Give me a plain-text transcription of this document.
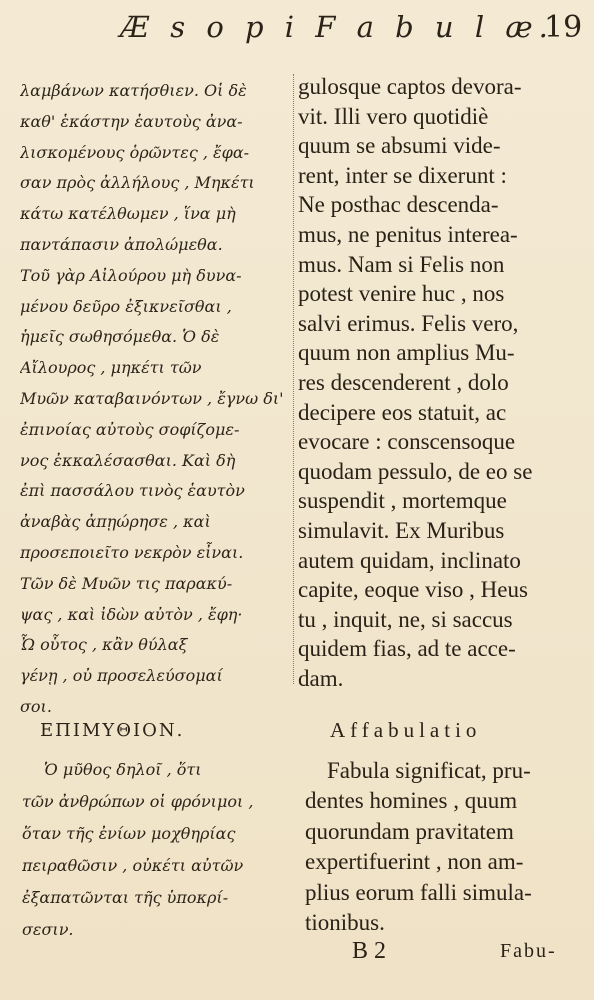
Æ s o p i F a b u l æ.
19
λαμβάνων κατήσθιεν. Οἱ δὲ
καθ' ἑκάστην ἑαυτοὺς ἀνα-
λισκομένους ὁρῶντες , ἔφα-
σαν πρὸς ἀλλήλους , Μηκέτι
κάτω κατέλθωμεν , ἵνα μὴ
παντάπασιν ἀπολώμεθα.
Τοῦ γὰρ Αἰλούρου μὴ δυνα-
μένου δεῦρο ἐξικνεῖσθαι ,
ἡμεῖς σωθησόμεθα. Ὁ δὲ
Αἴλουρος , μηκέτι τῶν
Μυῶν καταβαινόντων , ἔγνω δι'
ἐπινοίας αὐτοὺς σοφίζομε-
νος ἐκκαλέσασθαι. Καὶ δὴ
ἐπὶ πασσάλου τινὸς ἑαυτὸν
ἀναβὰς ἀπῃώρησε , καὶ
προσεποιεῖτο νεκρὸν εἶναι.
Τῶν δὲ Μυῶν τις παρακύ-
ψας , καὶ ἰδὼν αὐτὸν , ἔφη·
Ὦ οὗτος , κἂν θύλαξ
γένῃ , οὐ προσελεύσομαί
σοι.
gulosque captos devora-
vit. Illi vero quotidiè
quum se absumi vide-
rent, inter se dixerunt :
Ne posthac descenda-
mus, ne penitus interea-
mus. Nam si Felis non
potest venire huc , nos
salvi erimus. Felis vero,
quum non amplius Mu-
res descenderent , dolo
decipere eos statuit, ac
evocare : conscensoque
quodam pessulo, de eo se
suspendit , mortemque
simulavit. Ex Muribus
autem quidam, inclinato
capite, eoque viso , Heus
tu , inquit, ne, si saccus
quidem fias, ad te acce-
dam.
ΕΠΙΜΥΘΙΟΝ.	Affabulatio
Ὁ μῦθος δηλοῖ , ὅτι
τῶν ἀνθρώπων οἱ φρόνιμοι ,
ὅταν τῆς ἐνίων μοχθηρίας
πειραθῶσιν , οὐκέτι αὐτῶν
ἐξαπατῶνται τῆς ὑποκρί-
σεσιν.
Fabula significat, pru-
dentes homines , quum
quorundam pravitatem
expertifuerint , non am-
plius eorum falli simula-
tionibus.
B 2	Fabu-
